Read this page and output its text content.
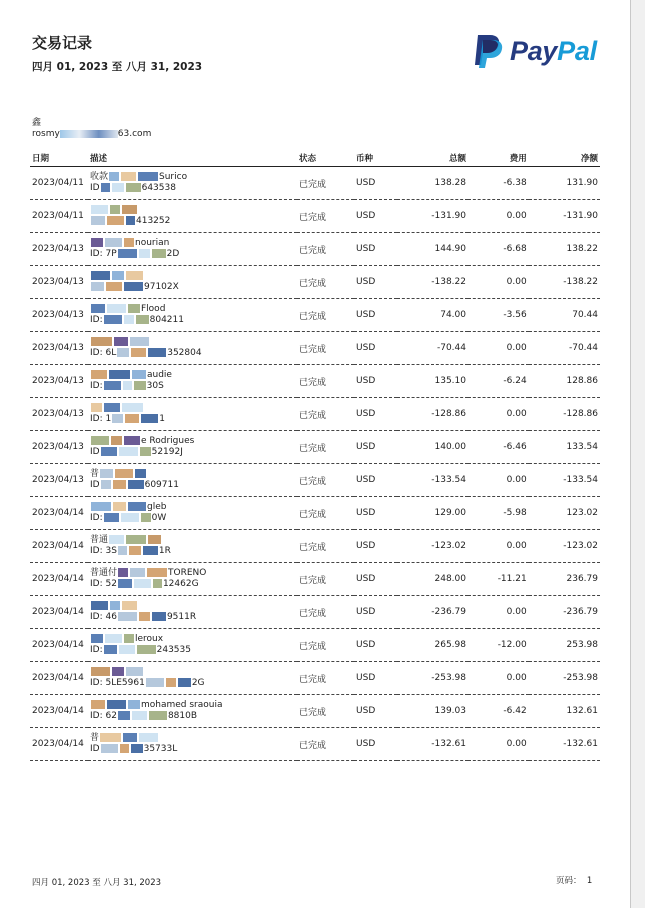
交易记录
四月 01, 2023 至 八月 31, 2023
PayPal
鑫
rosmy	63.com
日期	描述	状态	币种	总额	费用	净额
2023/04/11	收款 Surico
ID 643538	已完成	USD	138.28	-6.38	131.90
2023/04/11	413252	已完成	USD	-131.90	0.00	-131.90
2023/04/13	nourian
ID: 7P 2D	已完成	USD	144.90	-6.68	138.22
2023/04/13	97102X	已完成	USD	-138.22	0.00	-138.22
2023/04/13	Flood
ID: 804211	已完成	USD	74.00	-3.56	70.44
2023/04/13	ID: 6L 352804	已完成	USD	-70.44	0.00	-70.44
2023/04/13	audie
ID: 30S	已完成	USD	135.10	-6.24	128.86
2023/04/13	ID: 1 1	已完成	USD	-128.86	0.00	-128.86
2023/04/13	e Rodrigues
ID 52192J	已完成	USD	140.00	-6.46	133.54
2023/04/13	普
ID 609711	已完成	USD	-133.54	0.00	-133.54
2023/04/14	gleb
ID: 0W	已完成	USD	129.00	-5.98	123.02
2023/04/14	普通
ID: 3S 1R	已完成	USD	-123.02	0.00	-123.02
2023/04/14	普通付 TORENO
ID: 52 12462G	已完成	USD	248.00	-11.21	236.79
2023/04/14	ID: 46 9511R	已完成	USD	-236.79	0.00	-236.79
2023/04/14	leroux
ID: 243535	已完成	USD	265.98	-12.00	253.98
2023/04/14	ID: 5LE5961 2G	已完成	USD	-253.98	0.00	-253.98
2023/04/14	mohamed sraouia
ID: 62 8810B	已完成	USD	139.03	-6.42	132.61
2023/04/14	普
ID 35733L	已完成	USD	-132.61	0.00	-132.61
四月 01, 2023 至 八月 31, 2023	页码： 1
